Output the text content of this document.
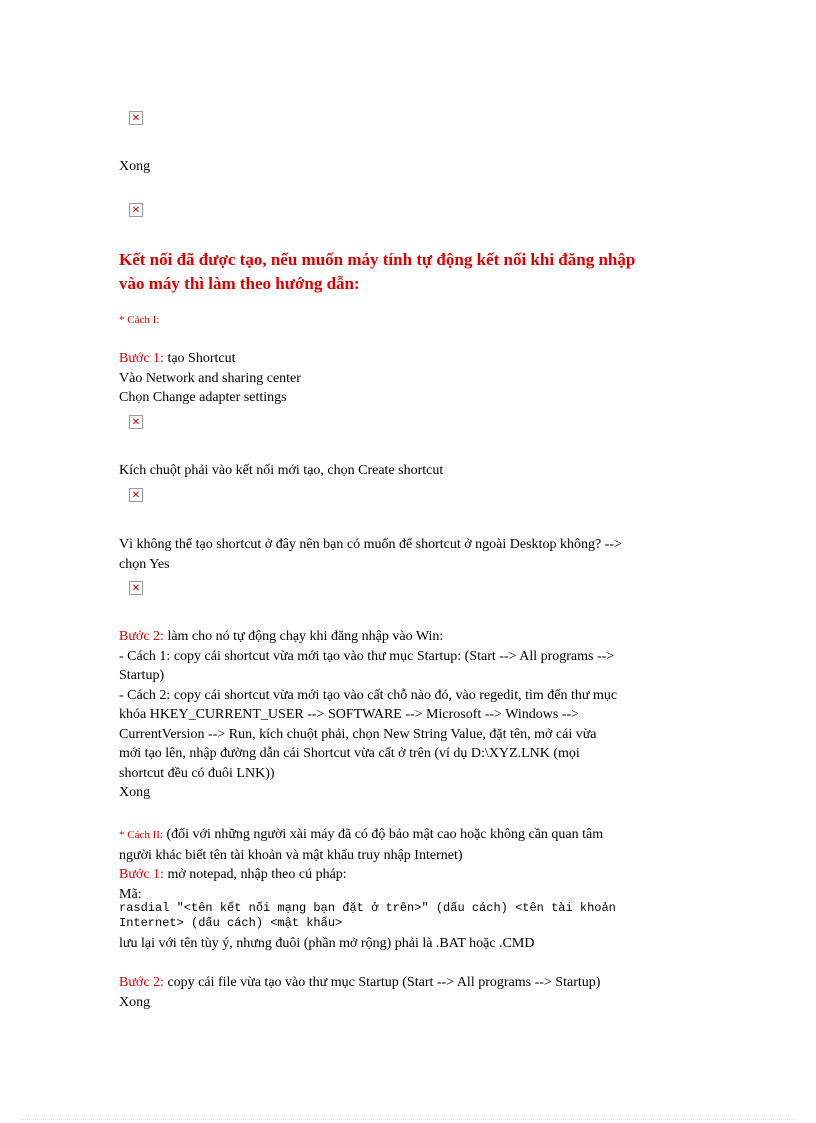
✕
Xong
✕
Kết nối đã được tạo, nếu muốn máy tính tự động kết nối khi đăng nhập
vào máy thì làm theo hướng dẫn:
* Cách I:
Bước 1: tạo Shortcut
Vào Network and sharing center
Chọn Change adapter settings
✕
Kích chuột phải vào kết nối mới tạo, chọn Create shortcut
✕
Vì không thể tạo shortcut ở đây nên bạn có muốn để shortcut ở ngoài Desktop không? -->
chọn Yes
✕
Bước 2: làm cho nó tự động chạy khi đăng nhập vào Win:
- Cách 1: copy cái shortcut vừa mới tạo vào thư mục Startup: (Start --> All programs -->
Startup)
- Cách 2: copy cái shortcut vừa mới tạo vào cất chỗ nào đó, vào regedit, tìm đến thư mục
khóa HKEY_CURRENT_USER --> SOFTWARE --> Microsoft --> Windows -->
CurrentVersion --> Run, kích chuột phải, chọn New String Value, đặt tên, mở cái vừa
mới tạo lên, nhập đường dẫn cái Shortcut vừa cất ở trên (ví dụ D:\XYZ.LNK (mọi
shortcut đều có đuôi LNK))
Xong
* Cách II: (đối với những người xài máy đã có độ bảo mật cao hoặc không cần quan tâm
người khác biết tên tài khoản và mật khẩu truy nhập Internet)
Bước 1: mở notepad, nhập theo cú pháp:
Mã:
rasdial "<tên kết nối mạng bạn đặt ở trên>" (dấu cách) <tên tài khoản
Internet> (dấu cách) <mật khẩu>
lưu lại với tên tùy ý, nhưng đuôi (phần mở rộng) phải là .BAT hoặc .CMD
Bước 2: copy cái file vừa tạo vào thư mục Startup (Start --> All programs --> Startup)
Xong
